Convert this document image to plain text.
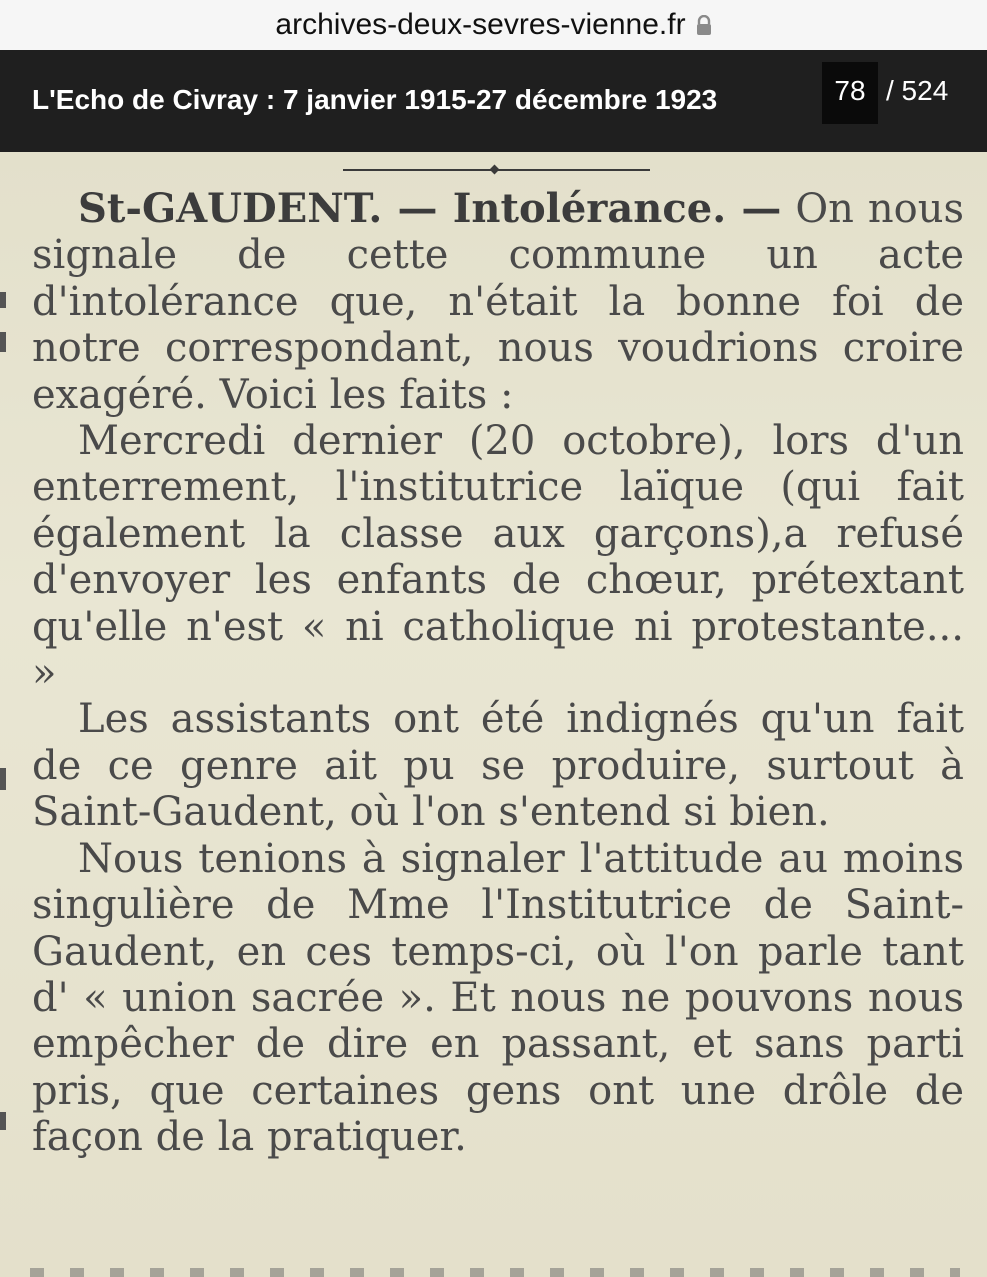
archives-deux-sevres-vienne.fr
L'Echo de Civray : 7 janvier 1915-27 décembre 1923	78 / 524

St-GAUDENT. — Intolérance. — On nous signale de cette commune un acte d'intolérance que, n'était la bonne foi de notre correspondant, nous voudrions croire exagéré. Voici les faits :

Mercredi dernier (20 octobre), lors d'un enterrement, l'institutrice laïque (qui fait également la classe aux garçons),a refusé d'envoyer les enfants de chœur, prétextant qu'elle n'est « ni catholique ni protestante... »

Les assistants ont été indignés qu'un fait de ce genre ait pu se produire, surtout à Saint-Gaudent, où l'on s'entend si bien.

Nous tenions à signaler l'attitude au moins singulière de Mme l'Institutrice de Saint-Gaudent, en ces temps-ci, où l'on parle tant d' « union sacrée ». Et nous ne pouvons nous empêcher de dire en passant, et sans parti pris, que certaines gens ont une drôle de façon de la pratiquer.
